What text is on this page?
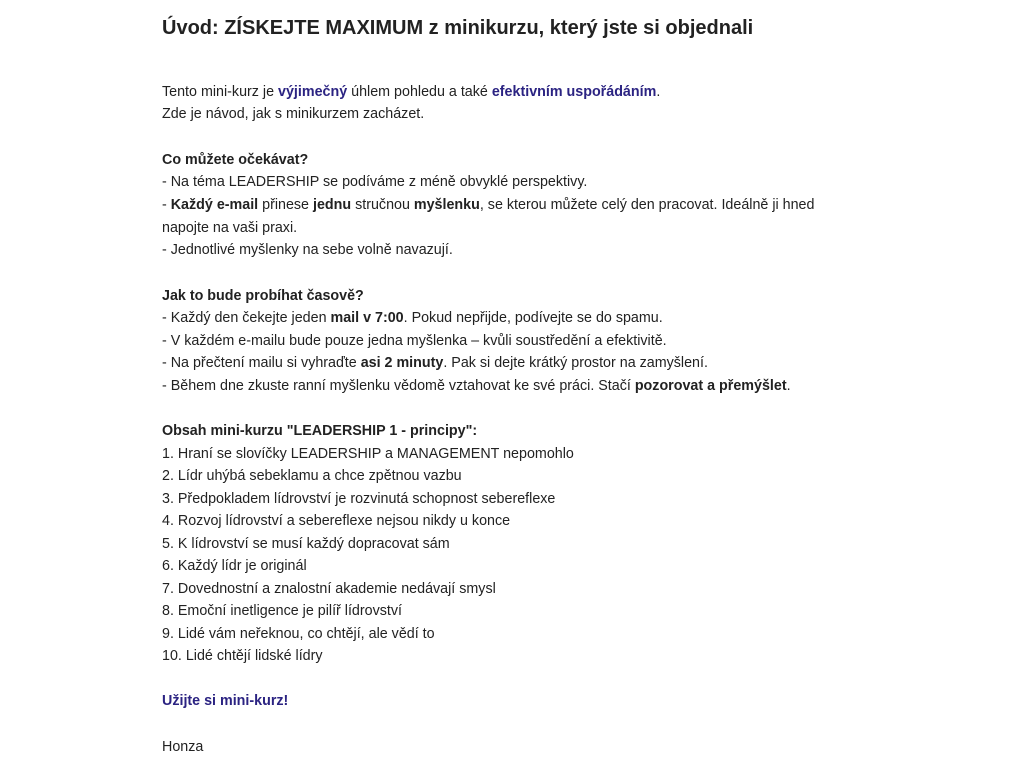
Úvod: ZÍSKEJTE MAXIMUM z minikurzu, který jste si objednali
Tento mini-kurz je výjimečný úhlem pohledu a také efektivním uspořádáním.
Zde je návod, jak s minikurzem zacházet.
Co můžete očekávat?
- Na téma LEADERSHIP se podíváme z méně obvyklé perspektivy.
- Každý e-mail přinese jednu stručnou myšlenku, se kterou můžete celý den pracovat. Ideálně ji hned napojte na vaši praxi.
- Jednotlivé myšlenky na sebe volně navazují.
Jak to bude probíhat časově?
- Každý den čekejte jeden mail v 7:00. Pokud nepřijde, podívejte se do spamu.
- V každém e-mailu bude pouze jedna myšlenka – kvůli soustředění a efektivitě.
- Na přečtení mailu si vyhraďte asi 2 minuty. Pak si dejte krátký prostor na zamyšlení.
- Během dne zkuste ranní myšlenku vědomě vztahovat ke své práci. Stačí pozorovat a přemýšlet.
Obsah mini-kurzu "LEADERSHIP 1 - principy":
1. Hraní se slovíčky LEADERSHIP a MANAGEMENT nepomohlo
2. Lídr uhýbá sebeklamu a chce zpětnou vazbu
3. Předpokladem lídrovství je rozvinutá schopnost sebereflexe
4. Rozvoj lídrovství a sebereflexe nejsou nikdy u konce
5. K lídrovství se musí každý dopracovat sám
6. Každý lídr je originál
7. Dovednostní a znalostní akademie nedávají smysl
8. Emoční inetligence je pilíř lídrovství
9. Lidé vám neřeknou, co chtějí, ale vědí to
10. Lidé chtějí lidské lídry
Užijte si mini-kurz!
Honza
